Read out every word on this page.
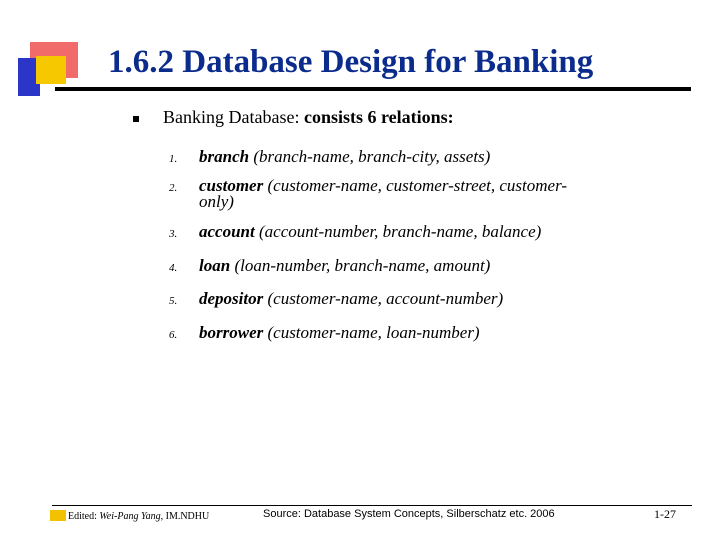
1.6.2 Database Design for Banking
Banking Database: consists 6 relations:
1. branch (branch-name, branch-city, assets)
2. customer (customer-name, customer-street, customer-
only)
3. account (account-number, branch-name, balance)
4. loan (loan-number, branch-name, amount)
5. depositor (customer-name, account-number)
6. borrower (customer-name, loan-number)
Edited: Wei-Pang Yang, IM.NDHU	Source: Database System Concepts, Silberschatz etc. 2006	1-27
